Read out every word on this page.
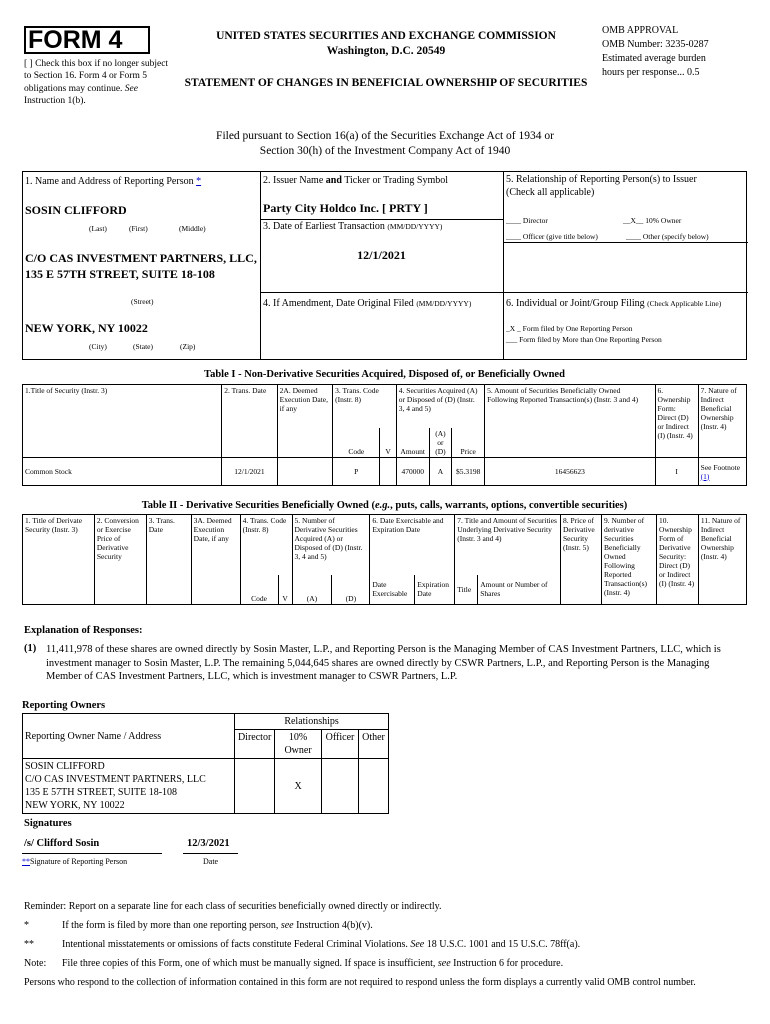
FORM 4
[ ] Check this box if no longer subject to Section 16. Form 4 or Form 5 obligations may continue. See Instruction 1(b).
UNITED STATES SECURITIES AND EXCHANGE COMMISSION
Washington, D.C. 20549
STATEMENT OF CHANGES IN BENEFICIAL OWNERSHIP OF SECURITIES
OMB APPROVAL
OMB Number: 3235-0287
Estimated average burden
hours per response... 0.5
Filed pursuant to Section 16(a) of the Securities Exchange Act of 1934 or
Section 30(h) of the Investment Company Act of 1940
1. Name and Address of Reporting Person *
SOSIN CLIFFORD
(Last)	(First)	(Middle)
C/O CAS INVESTMENT PARTNERS, LLC, 135 E 57TH STREET, SUITE 18-108
(Street)
NEW YORK, NY 10022
(City)	(State)	(Zip)
2. Issuer Name and Ticker or Trading Symbol
Party City Holdco Inc. [ PRTY ]
3. Date of Earliest Transaction (MM/DD/YYYY)
12/1/2021
4. If Amendment, Date Original Filed (MM/DD/YYYY)
5. Relationship of Reporting Person(s) to Issuer
(Check all applicable)
____ Director	__X__ 10% Owner
____ Officer (give title below)	____ Other (specify below)
6. Individual or Joint/Group Filing (Check Applicable Line)
_X _ Form filed by One Reporting Person
___ Form filed by More than One Reporting Person
Table I - Non-Derivative Securities Acquired, Disposed of, or Beneficially Owned
1.Title of Security (Instr. 3)	2. Trans. Date	2A. Deemed Execution Date, if any	3. Trans. Code (Instr. 8)		4. Securities Acquired (A) or Disposed of (D) (Instr. 3, 4 and 5)			5. Amount of Securities Beneficially Owned Following Reported Transaction(s) (Instr. 3 and 4)	6. Ownership Form: Direct (D) or Indirect (I) (Instr. 4)	7. Nature of Indirect Beneficial Ownership (Instr. 4)
			Code	V	Amount	(A) or (D)	Price			
Common Stock	12/1/2021		P		470000	A	$5.3198	16456623	I	See Footnote (1)
Table II - Derivative Securities Beneficially Owned (e.g., puts, calls, warrants, options, convertible securities)
1. Title of Derivate Security (Instr. 3)	2. Conversion or Exercise Price of Derivative Security	3. Trans. Date	3A. Deemed Execution Date, if any	4. Trans. Code (Instr. 8)		5. Number of Derivative Securities Acquired (A) or Disposed of (D) (Instr. 3, 4 and 5)		6. Date Exercisable and Expiration Date		7. Title and Amount of Securities Underlying Derivative Security (Instr. 3 and 4)		8. Price of Derivative Security (Instr. 5)	9. Number of derivative Securities Beneficially Owned Following Reported Transaction(s) (Instr. 4)	10. Ownership Form of Derivative Security: Direct (D) or Indirect (I) (Instr. 4)	11. Nature of Indirect Beneficial Ownership (Instr. 4)
				Code	V	(A)	(D)	Date Exercisable	Expiration Date	Title	Amount or Number of Shares				
Explanation of Responses:
(1) 11,411,978 of these shares are owned directly by Sosin Master, L.P., and Reporting Person is the Managing Member of CAS Investment Partners, LLC, which is investment manager to Sosin Master, L.P. The remaining 5,044,645 shares are owned directly by CSWR Partners, L.P., and Reporting Person is the Managing Member of CAS Investment Partners, LLC, which is investment manager to CSWR Partners, L.P.
Reporting Owners
Reporting Owner Name / Address	Relationships			
	Director	10% Owner	Officer	Other

SOSIN CLIFFORD
C/O CAS INVESTMENT PARTNERS, LLC
135 E 57TH STREET, SUITE 18-108
NEW YORK, NY 10022		X		
Signatures
/s/ Clifford Sosin	12/3/2021
**Signature of Reporting Person	Date
Reminder: Report on a separate line for each class of securities beneficially owned directly or indirectly.
*	If the form is filed by more than one reporting person, see Instruction 4(b)(v).
**	Intentional misstatements or omissions of facts constitute Federal Criminal Violations. See 18 U.S.C. 1001 and 15 U.S.C. 78ff(a).
Note:	File three copies of this Form, one of which must be manually signed. If space is insufficient, see Instruction 6 for procedure.
Persons who respond to the collection of information contained in this form are not required to respond unless the form displays a currently valid OMB control number.
